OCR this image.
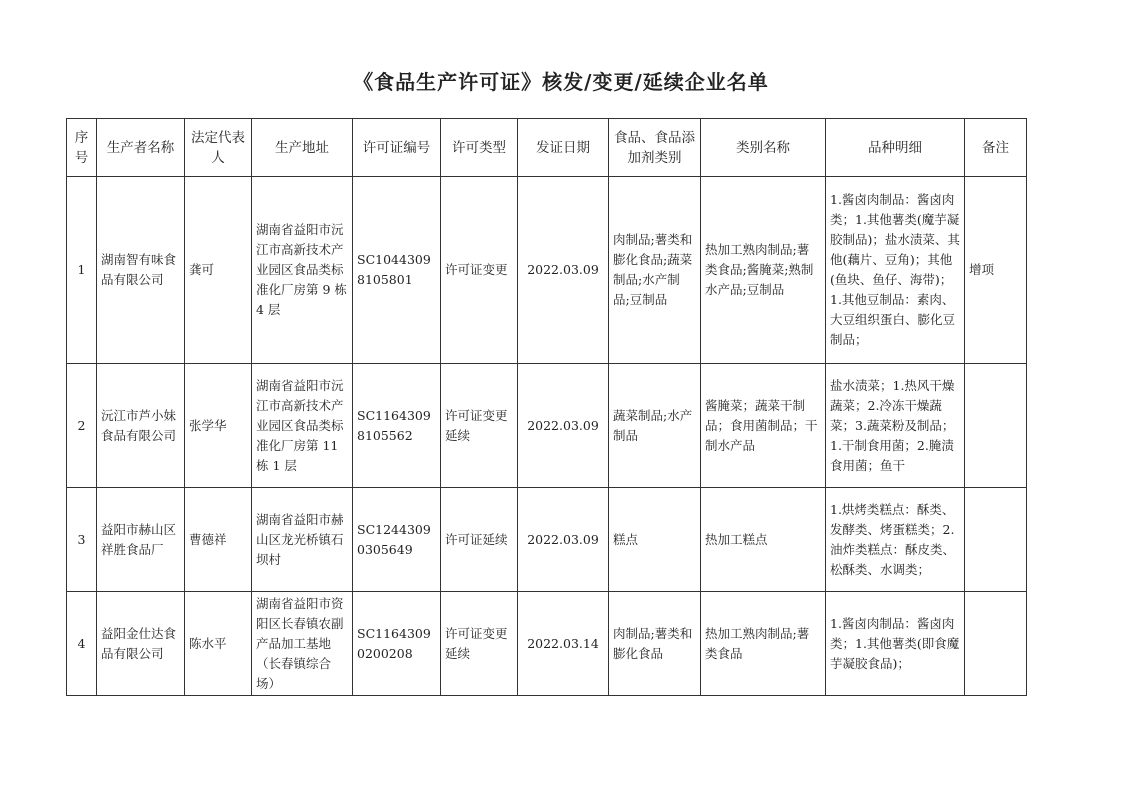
《食品生产许可证》核发/变更/延续企业名单
序号	生产者名称	法定代表人	生产地址	许可证编号	许可类型	发证日期	食品、食品添加剂类别	类别名称	品种明细	备注
1	湖南智有味食品有限公司	龚可	湖南省益阳市沅江市高新技术产业园区食品类标准化厂房第 9 栋 4 层	SC10443098105801	许可证变更	2022.03.09	肉制品;薯类和膨化食品;蔬菜制品;水产制品;豆制品	热加工熟肉制品;薯类食品;酱腌菜;熟制水产品;豆制品	1.酱卤肉制品：酱卤肉类；1.其他薯类(魔芋凝胶制品)；盐水渍菜、其他(藕片、豆角)；其他(鱼块、鱼仔、海带)；1.其他豆制品：素肉、大豆组织蛋白、膨化豆制品；	增项
2	沅江市芦小妹食品有限公司	张学华	湖南省益阳市沅江市高新技术产业园区食品类标准化厂房第 11 栋 1 层	SC11643098105562	许可证变更延续	2022.03.09	蔬菜制品;水产制品	酱腌菜；蔬菜干制品；食用菌制品；干制水产品	盐水渍菜；1.热风干燥蔬菜；2.冷冻干燥蔬菜；3.蔬菜粉及制品；1.干制食用菌；2.腌渍食用菌；鱼干	

3	益阳市赫山区祥胜食品厂	曹德祥	湖南省益阳市赫山区龙光桥镇石坝村	SC12443090305649	许可证延续	2022.03.09	糕点	热加工糕点	1.烘烤类糕点：酥类、发酵类、烤蛋糕类；2.油炸类糕点：酥皮类、松酥类、水调类；	
4	益阳金仕达食品有限公司	陈水平	湖南省益阳市资阳区长春镇农副产品加工基地（长春镇综合场）	SC11643090200208	许可证变更延续	2022.03.14	肉制品;薯类和膨化食品	热加工熟肉制品;薯类食品	1.酱卤肉制品：酱卤肉类；1.其他薯类(即食魔芋凝胶食品)；	
